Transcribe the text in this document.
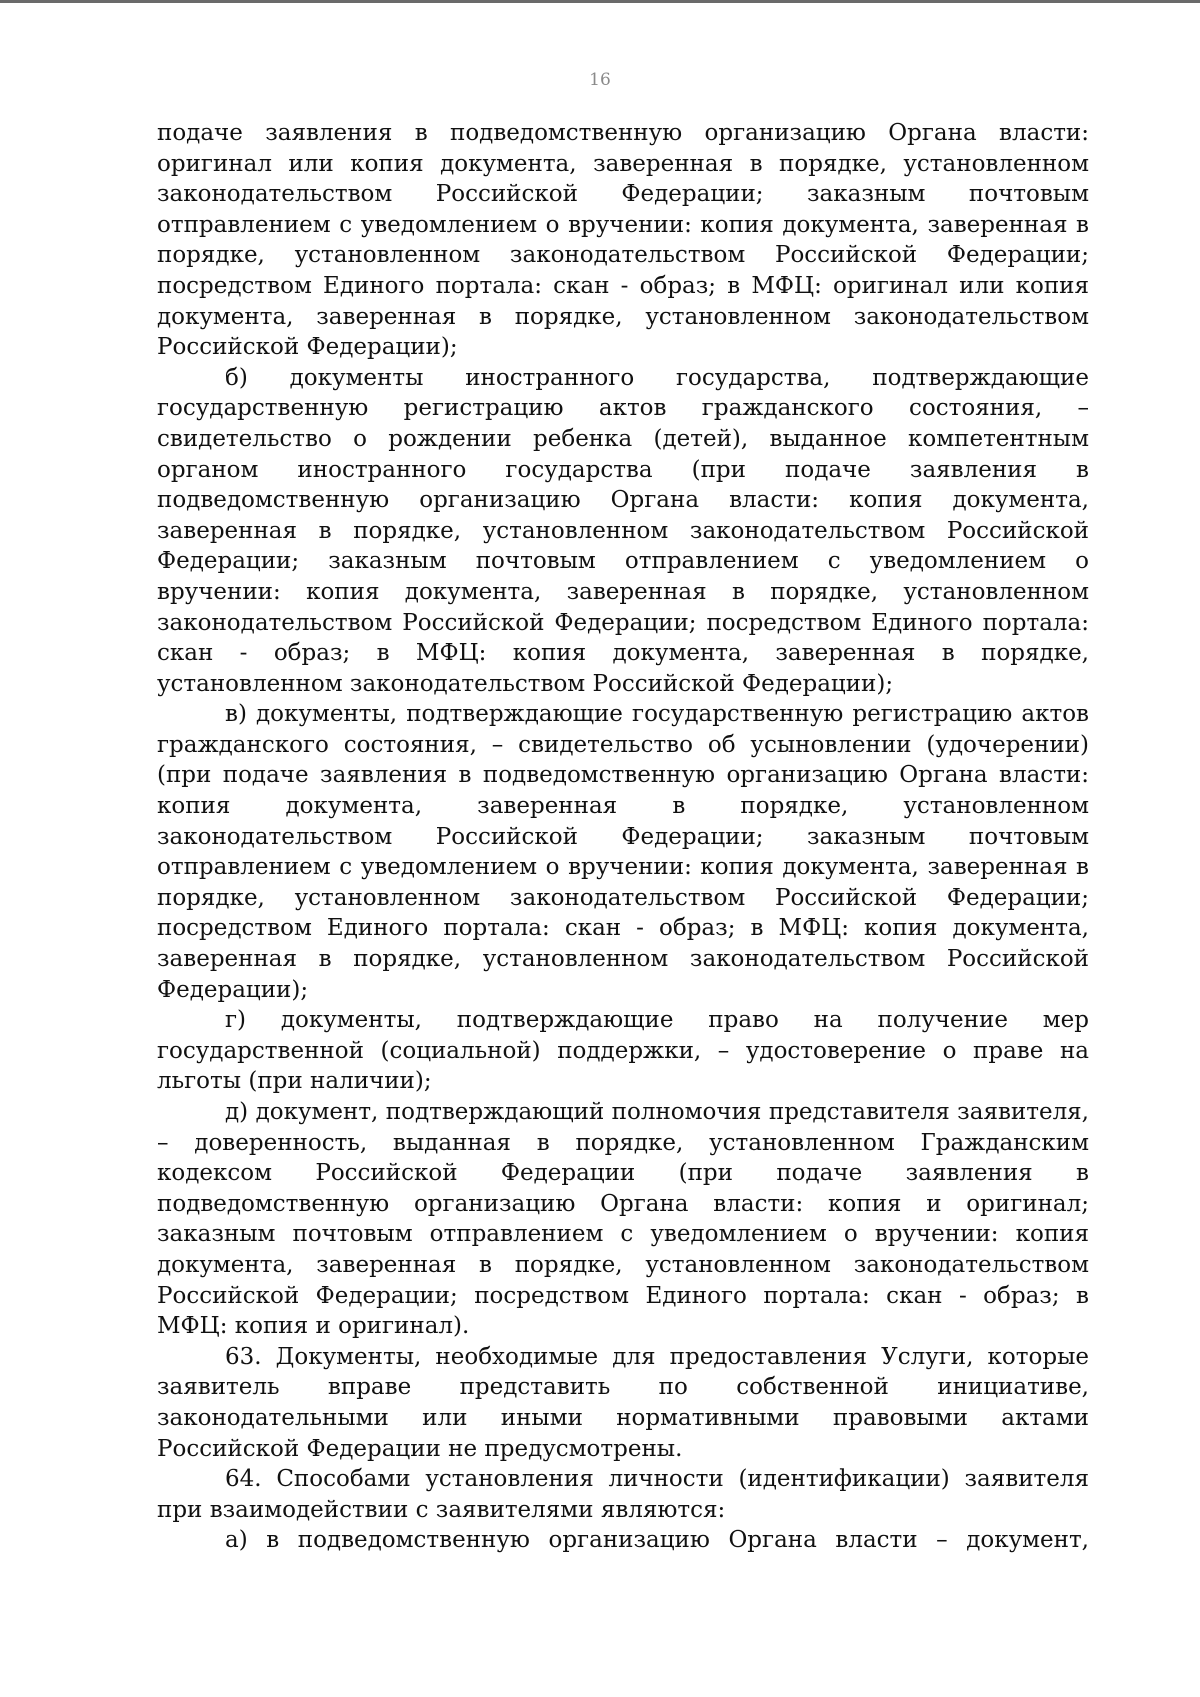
16

подаче заявления в подведомственную организацию Органа власти: оригинал или копия документа, заверенная в порядке, установленном законодательством Российской Федерации; заказным почтовым отправлением с уведомлением о вручении: копия документа, заверенная в порядке, установленном законодательством Российской Федерации; посредством Единого портала: скан - образ; в МФЦ: оригинал или копия документа, заверенная в порядке, установленном законодательством Российской Федерации);

б) документы иностранного государства, подтверждающие государственную регистрацию актов гражданского состояния, – свидетельство о рождении ребенка (детей), выданное компетентным органом иностранного государства (при подаче заявления в подведомственную организацию Органа власти: копия документа, заверенная в порядке, установленном законодательством Российской Федерации; заказным почтовым отправлением с уведомлением о вручении: копия документа, заверенная в порядке, установленном законодательством Российской Федерации; посредством Единого портала: скан - образ; в МФЦ: копия документа, заверенная в порядке, установленном законодательством Российской Федерации);

в) документы, подтверждающие государственную регистрацию актов гражданского состояния, – свидетельство об усыновлении (удочерении) (при подаче заявления в подведомственную организацию Органа власти: копия документа, заверенная в порядке, установленном законодательством Российской Федерации; заказным почтовым отправлением с уведомлением о вручении: копия документа, заверенная в порядке, установленном законодательством Российской Федерации; посредством Единого портала: скан - образ; в МФЦ: копия документа, заверенная в порядке, установленном законодательством Российской Федерации);

г) документы, подтверждающие право на получение мер государственной (социальной) поддержки, – удостоверение о праве на льготы (при наличии);

д) документ, подтверждающий полномочия представителя заявителя, – доверенность, выданная в порядке, установленном Гражданским кодексом Российской Федерации (при подаче заявления в подведомственную организацию Органа власти: копия и оригинал; заказным почтовым отправлением с уведомлением о вручении: копия документа, заверенная в порядке, установленном законодательством Российской Федерации; посредством Единого портала: скан - образ; в МФЦ: копия и оригинал).

63. Документы, необходимые для предоставления Услуги, которые заявитель вправе представить по собственной инициативе, законодательными или иными нормативными правовыми актами Российской Федерации не предусмотрены.

64. Способами установления личности (идентификации) заявителя при взаимодействии с заявителями являются:

а) в подведомственную организацию Органа власти – документ,
